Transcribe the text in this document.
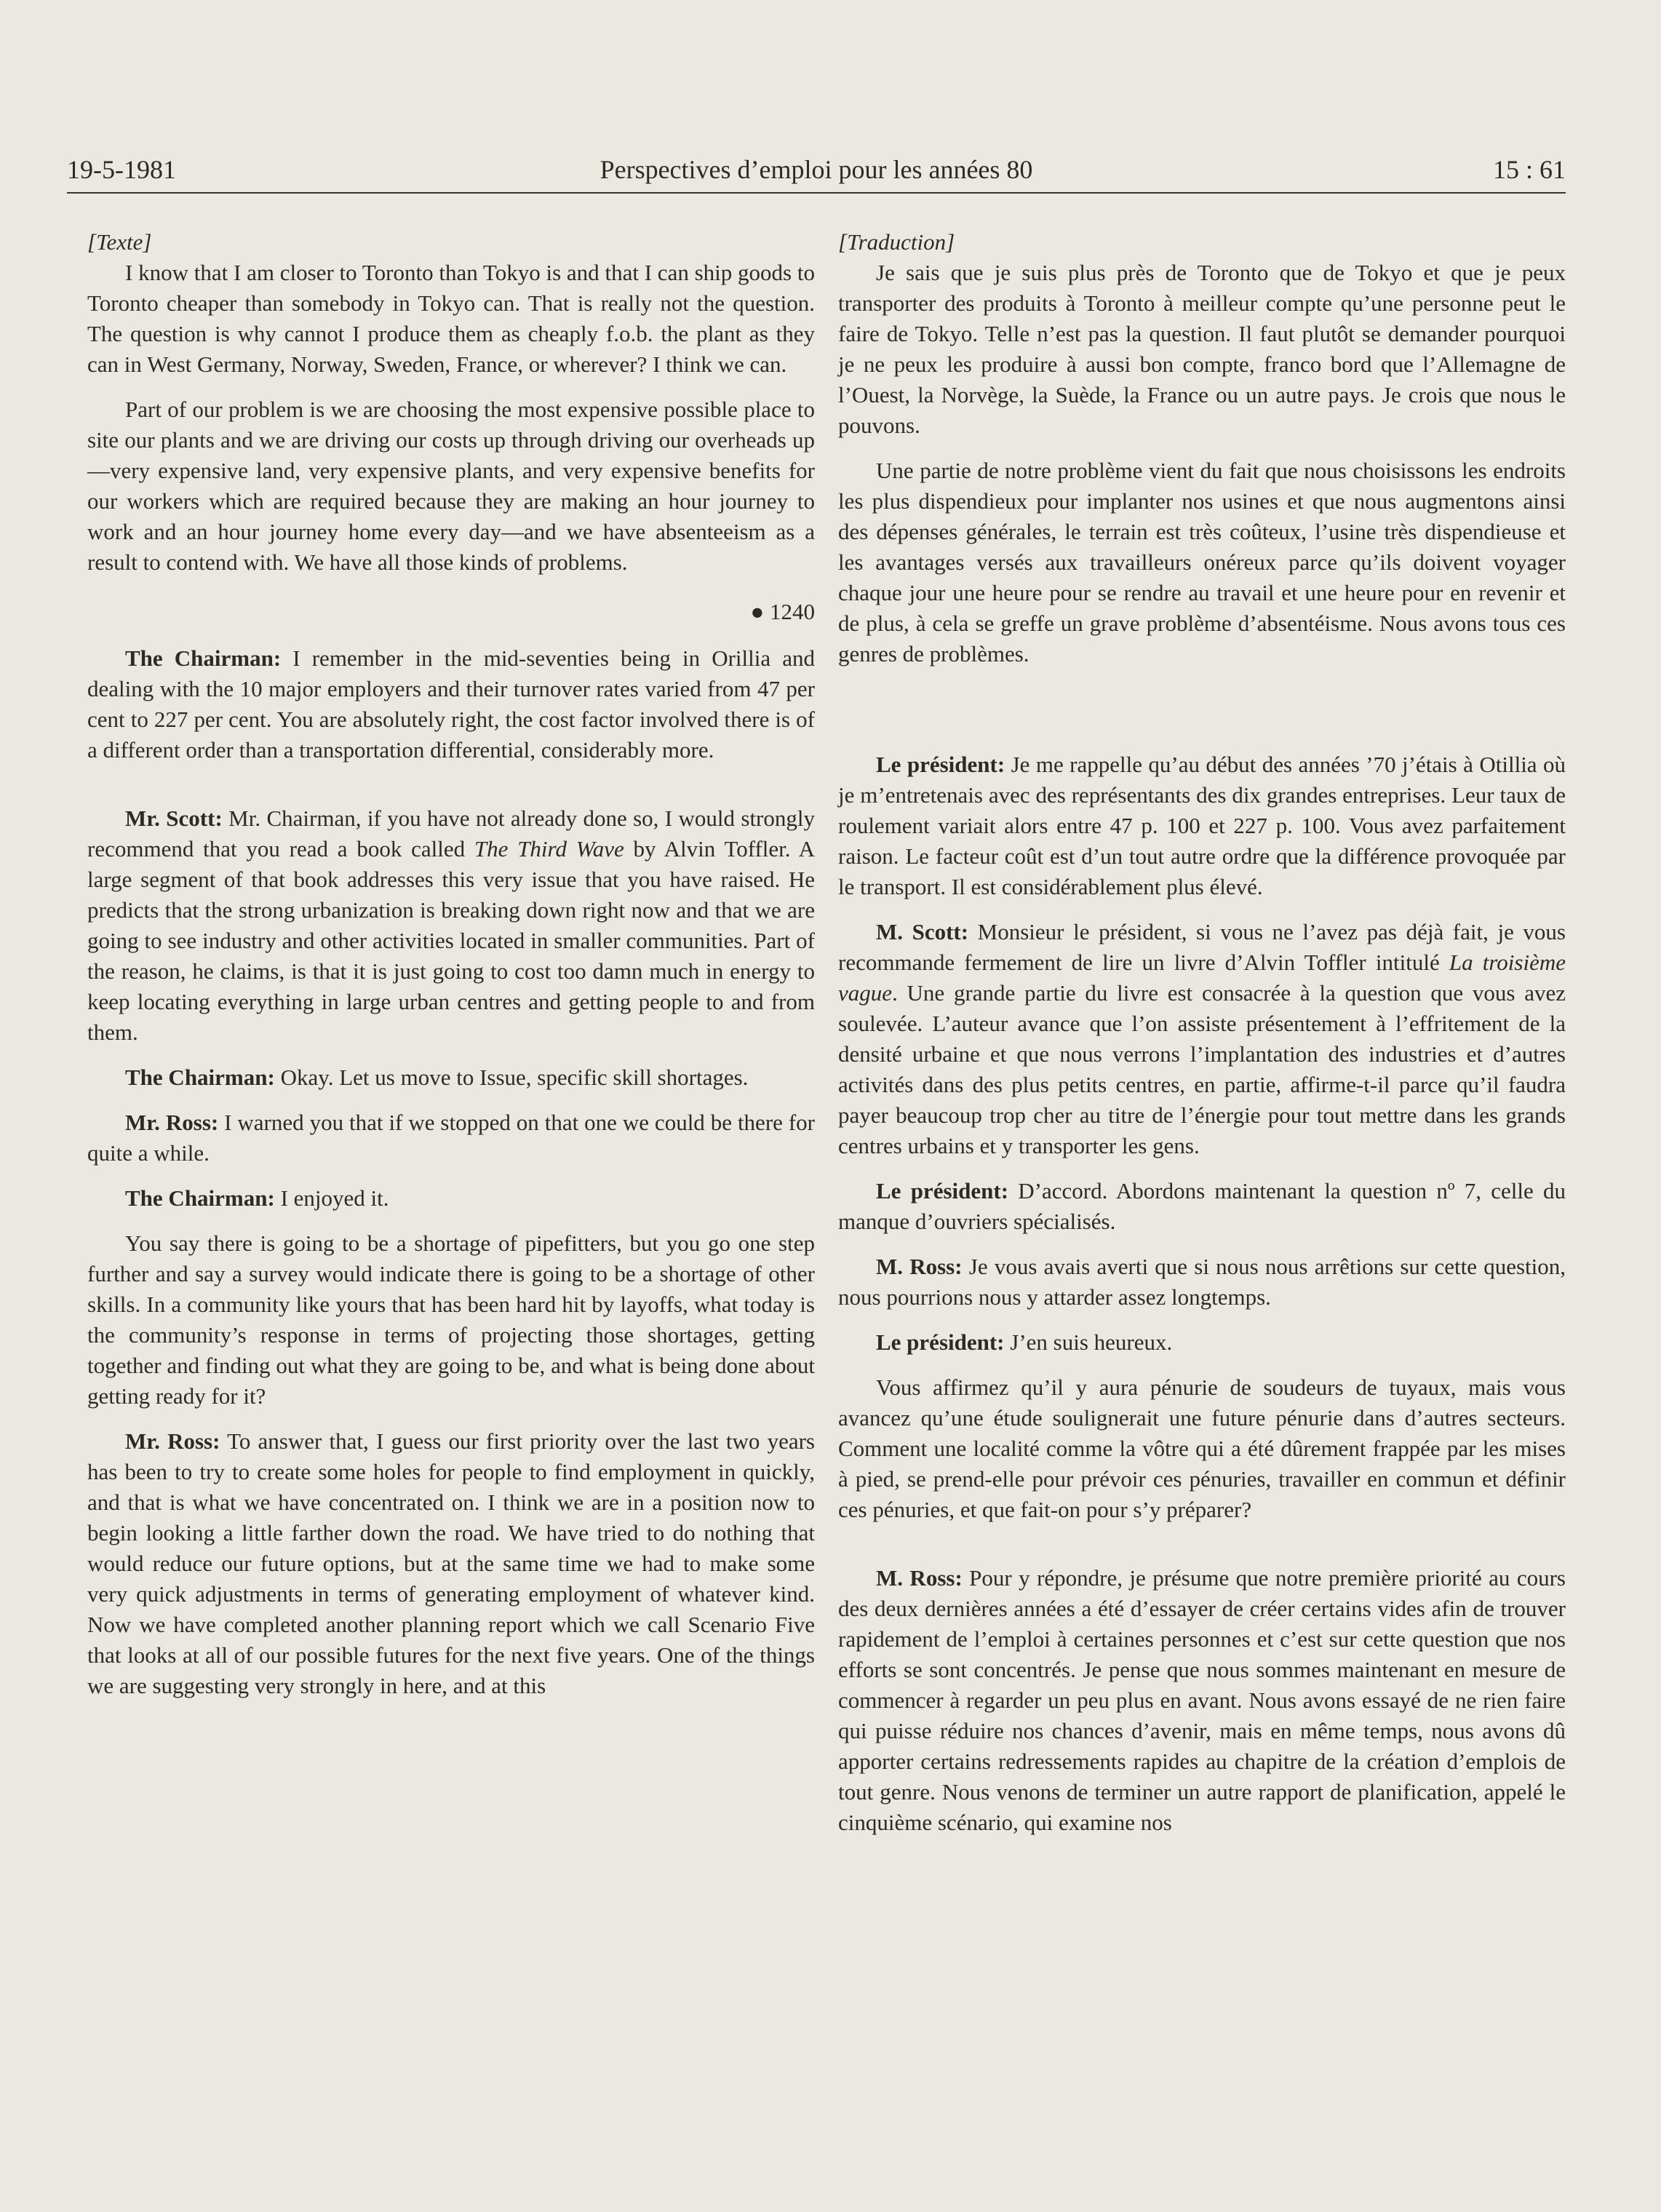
19-5-1981	Perspectives d’emploi pour les années 80	15 : 61

[Texte]

I know that I am closer to Toronto than Tokyo is and that I can ship goods to Toronto cheaper than somebody in Tokyo can. That is really not the question. The question is why cannot I produce them as cheaply f.o.b. the plant as they can in West Germany, Norway, Sweden, France, or wherever? I think we can.

Part of our problem is we are choosing the most expensive possible place to site our plants and we are driving our costs up through driving our overheads up—very expensive land, very expensive plants, and very expensive benefits for our workers which are required because they are making an hour journey to work and an hour journey home every day—and we have absenteeism as a result to contend with. We have all those kinds of problems.

● 1240

The Chairman: I remember in the mid-seventies being in Orillia and dealing with the 10 major employers and their turnover rates varied from 47 per cent to 227 per cent. You are absolutely right, the cost factor involved there is of a different order than a transportation differential, considerably more.

Mr. Scott: Mr. Chairman, if you have not already done so, I would strongly recommend that you read a book called The Third Wave by Alvin Toffler. A large segment of that book addresses this very issue that you have raised. He predicts that the strong urbanization is breaking down right now and that we are going to see industry and other activities located in smaller communities. Part of the reason, he claims, is that it is just going to cost too damn much in energy to keep locating everything in large urban centres and getting people to and from them.

The Chairman: Okay. Let us move to Issue, specific skill shortages.

Mr. Ross: I warned you that if we stopped on that one we could be there for quite a while.

The Chairman: I enjoyed it.

You say there is going to be a shortage of pipefitters, but you go one step further and say a survey would indicate there is going to be a shortage of other skills. In a community like yours that has been hard hit by layoffs, what today is the community’s response in terms of projecting those shortages, getting together and finding out what they are going to be, and what is being done about getting ready for it?

Mr. Ross: To answer that, I guess our first priority over the last two years has been to try to create some holes for people to find employment in quickly, and that is what we have concentrated on. I think we are in a position now to begin looking a little farther down the road. We have tried to do nothing that would reduce our future options, but at the same time we had to make some very quick adjustments in terms of generating employment of whatever kind. Now we have completed another planning report which we call Scenario Five that looks at all of our possible futures for the next five years. One of the things we are suggesting very strongly in here, and at this

[Traduction]

Je sais que je suis plus près de Toronto que de Tokyo et que je peux transporter des produits à Toronto à meilleur compte qu’une personne peut le faire de Tokyo. Telle n’est pas la question. Il faut plutôt se demander pourquoi je ne peux les produire à aussi bon compte, franco bord que l’Allemagne de l’Ouest, la Norvège, la Suède, la France ou un autre pays. Je crois que nous le pouvons.

Une partie de notre problème vient du fait que nous choisissons les endroits les plus dispendieux pour implanter nos usines et que nous augmentons ainsi des dépenses générales, le terrain est très coûteux, l’usine très dispendieuse et les avantages versés aux travailleurs onéreux parce qu’ils doivent voyager chaque jour une heure pour se rendre au travail et une heure pour en revenir et de plus, à cela se greffe un grave problème d’absentéisme. Nous avons tous ces genres de problèmes.

Le président: Je me rappelle qu’au début des années ’70 j’étais à Otillia où je m’entretenais avec des représentants des dix grandes entreprises. Leur taux de roulement variait alors entre 47 p. 100 et 227 p. 100. Vous avez parfaitement raison. Le facteur coût est d’un tout autre ordre que la différence provoquée par le transport. Il est considérablement plus élevé.

M. Scott: Monsieur le président, si vous ne l’avez pas déjà fait, je vous recommande fermement de lire un livre d’Alvin Toffler intitulé La troisième vague. Une grande partie du livre est consacrée à la question que vous avez soulevée. L’auteur avance que l’on assiste présentement à l’effritement de la densité urbaine et que nous verrons l’implantation des industries et d’autres activités dans des plus petits centres, en partie, affirme-t-il parce qu’il faudra payer beaucoup trop cher au titre de l’énergie pour tout mettre dans les grands centres urbains et y transporter les gens.

Le président: D’accord. Abordons maintenant la question nº 7, celle du manque d’ouvriers spécialisés.

M. Ross: Je vous avais averti que si nous nous arrêtions sur cette question, nous pourrions nous y attarder assez longtemps.

Le président: J’en suis heureux.

Vous affirmez qu’il y aura pénurie de soudeurs de tuyaux, mais vous avancez qu’une étude soulignerait une future pénurie dans d’autres secteurs. Comment une localité comme la vôtre qui a été dûrement frappée par les mises à pied, se prend-elle pour prévoir ces pénuries, travailler en commun et définir ces pénuries, et que fait-on pour s’y préparer?

M. Ross: Pour y répondre, je présume que notre première priorité au cours des deux dernières années a été d’essayer de créer certains vides afin de trouver rapidement de l’emploi à certaines personnes et c’est sur cette question que nos efforts se sont concentrés. Je pense que nous sommes maintenant en mesure de commencer à regarder un peu plus en avant. Nous avons essayé de ne rien faire qui puisse réduire nos chances d’avenir, mais en même temps, nous avons dû apporter certains redressements rapides au chapitre de la création d’emplois de tout genre. Nous venons de terminer un autre rapport de planification, appelé le cinquième scénario, qui examine nos
